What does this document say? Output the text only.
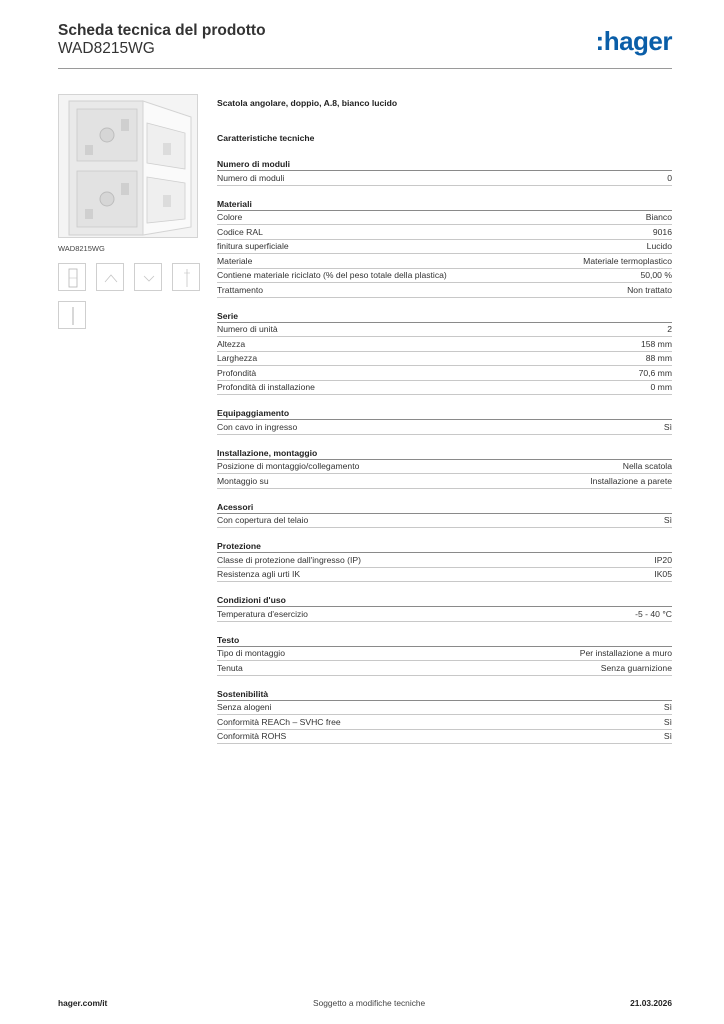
Scheda tecnica del prodotto
WAD8215WG	:hager
WAD8215WG
Scatola angolare, doppio, A.8, bianco lucido
Caratteristiche tecniche
Numero di moduli
Numero di moduli	0
Materiali
Colore	Bianco
Codice RAL	9016
finitura superficiale	Lucido
Materiale	Materiale termoplastico
Contiene materiale riciclato (% del peso totale della plastica)	50,00 %
Trattamento	Non trattato
Serie
Numero di unità	2
Altezza	158 mm
Larghezza	88 mm
Profondità	70,6 mm
Profondità di installazione	0 mm
Equipaggiamento
Con cavo in ingresso	Sì
Installazione, montaggio
Posizione di montaggio/collegamento	Nella scatola
Montaggio su	Installazione a parete
Acessori
Con copertura del telaio	Sì
Protezione
Classe di protezione dall'ingresso (IP)	IP20
Resistenza agli urti IK	IK05
Condizioni d'uso
Temperatura d'esercizio	-5 - 40 °C
Testo
Tipo di montaggio	Per installazione a muro
Tenuta	Senza guarnizione
Sostenibilità
Senza alogeni	Sì
Conformità REACh – SVHC free	Sì
Conformità ROHS	Sì
hager.com/it	Soggetto a modifiche tecniche	21.03.2026
